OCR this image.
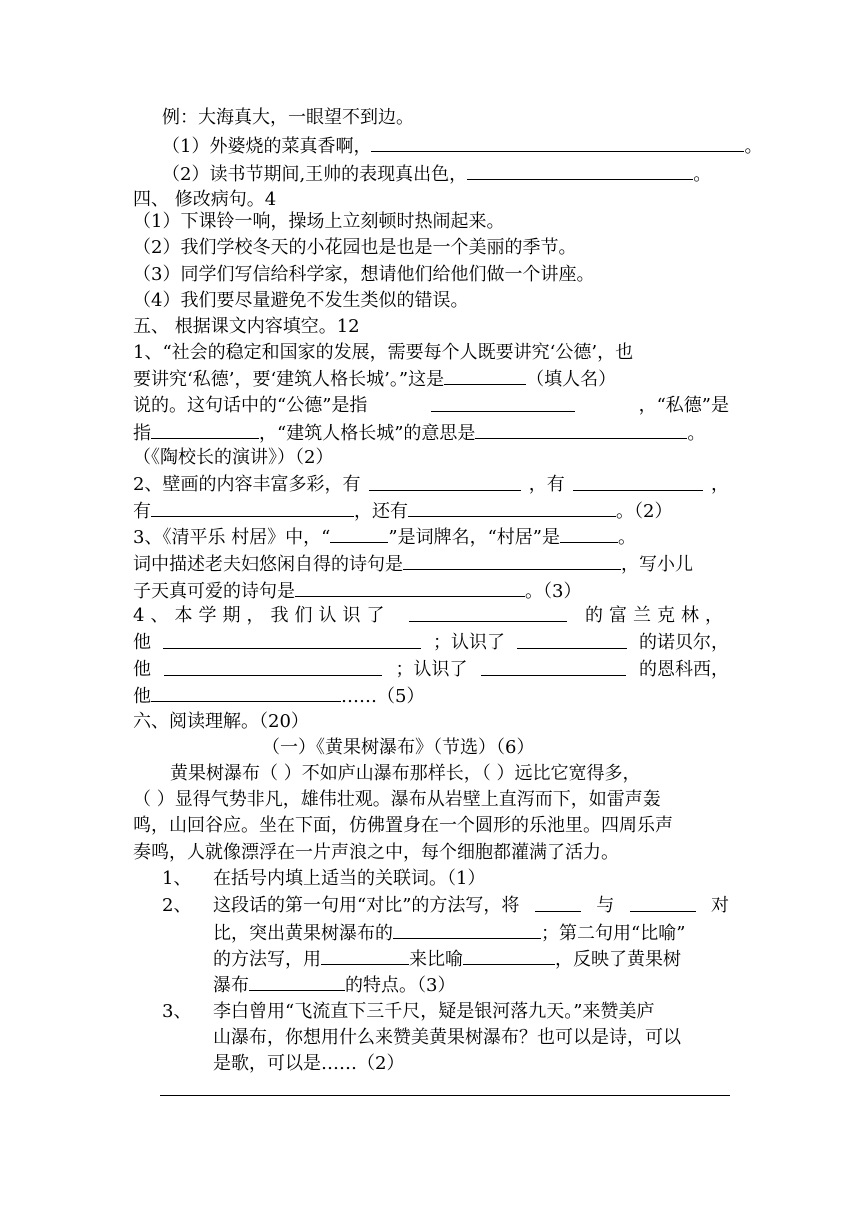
例：大海真大，一眼望不到边。
（1）外婆烧的菜真香啊，	。
（2）读书节期间,王帅的表现真出色，	。
四、 修改病句。4
（1）下课铃一响，操场上立刻顿时热闹起来。
（2）我们学校冬天的小花园也是也是一个美丽的季节。
（3）同学们写信给科学家，想请他们给他们做一个讲座。
（4）我们要尽量避免不发生类似的错误。
五、 根据课文内容填空。12
1、“社会的稳定和国家的发展，需要每个人既要讲究‘公德’，也
要讲究‘私德’，要‘建筑人格长城’。”这是	（填人名）
说的。这句话中的“公德”是指	，“私德”是
指	，“建筑人格长城”的意思是	。
（《陶校长的演讲》）（2）
2、壁画的内容丰富多彩，有	，有	，
有	，还有	。（2）
3、《清平乐 村居》中，“	”是词牌名，“村居”是	。
词中描述老夫妇悠闲自得的诗句是	，写小儿
子天真可爱的诗句是	。（3）
4、本学期，我们认识了	的富兰克林，
他	；认识了	的诺贝尔，
他	；认识了	的恩科西，
他	……（5）
六、阅读理解。（20）
（一）《黄果树瀑布》（节选）（6）
黄果树瀑布（ ）不如庐山瀑布那样长，（ ）远比它宽得多，
（ ）显得气势非凡，雄伟壮观。瀑布从岩壁上直泻而下，如雷声轰
鸣，山回谷应。坐在下面，仿佛置身在一个圆形的乐池里。四周乐声
奏鸣，人就像漂浮在一片声浪之中，每个细胞都灌满了活力。
1、 在括号内填上适当的关联词。（1）
2、 这段话的第一句用“对比”的方法写，将	与	对
比，突出黄果树瀑布的	；第二句用“比喻”
的方法写，用	来比喻	，反映了黄果树
瀑布	的特点。（3）
3、 李白曾用“飞流直下三千尺，疑是银河落九天。”来赞美庐
山瀑布，你想用什么来赞美黄果树瀑布？也可以是诗，可以
是歌，可以是……（2）
